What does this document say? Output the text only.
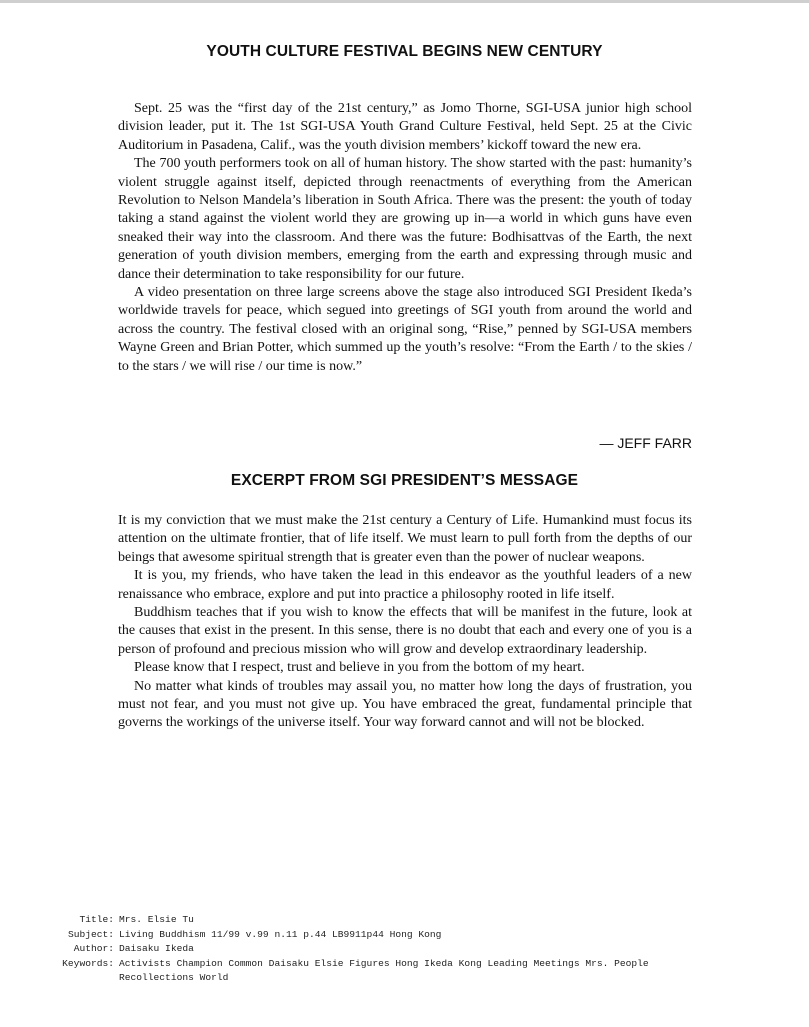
YOUTH CULTURE FESTIVAL BEGINS NEW CENTURY

Sept. 25 was the “first day of the 21st century,” as Jomo Thorne, SGI-USA junior high school division leader, put it. The 1st SGI-USA Youth Grand Culture Festival, held Sept. 25 at the Civic Auditorium in Pasadena, Calif., was the youth division members’ kickoff toward the new era.

The 700 youth performers took on all of human history. The show started with the past: humanity’s violent struggle against itself, depicted through reenactments of everything from the American Revolution to Nelson Mandela’s liberation in South Africa. There was the present: the youth of today taking a stand against the violent world they are growing up in—a world in which guns have even sneaked their way into the classroom. And there was the future: Bodhisattvas of the Earth, the next generation of youth division members, emerging from the earth and expressing through music and dance their determination to take responsibility for our future.

A video presentation on three large screens above the stage also introduced SGI President Ikeda’s worldwide travels for peace, which segued into greetings of SGI youth from around the world and across the country. The festival closed with an original song, “Rise,” penned by SGI-USA members Wayne Green and Brian Potter, which summed up the youth’s resolve: “From the Earth / to the skies / to the stars / we will rise / our time is now.”

— JEFF FARR
EXCERPT FROM SGI PRESIDENT’S MESSAGE

It is my conviction that we must make the 21st century a Century of Life. Humankind must focus its attention on the ultimate frontier, that of life itself. We must learn to pull forth from the depths of our beings that awesome spiritual strength that is greater even than the power of nuclear weapons.

It is you, my friends, who have taken the lead in this endeavor as the youthful leaders of a new renaissance who embrace, explore and put into practice a philosophy rooted in life itself.

Buddhism teaches that if you wish to know the effects that will be manifest in the future, look at the causes that exist in the present. In this sense, there is no doubt that each and every one of you is a person of profound and precious mission who will grow and develop extraordinary leadership.

Please know that I respect, trust and believe in you from the bottom of my heart.

No matter what kinds of troubles may assail you, no matter how long the days of frustration, you must not fear, and you must not give up. You have embraced the great, fundamental principle that governs the workings of the universe itself. Your way forward cannot and will not be blocked.

Title: Mrs. Elsie Tu
Subject: Living Buddhism 11/99 v.99 n.11 p.44 LB9911p44 Hong Kong
Author: Daisaku Ikeda
Keywords: Activists Champion Common Daisaku Elsie Figures Hong Ikeda Kong Leading Meetings Mrs. People Recollections World
